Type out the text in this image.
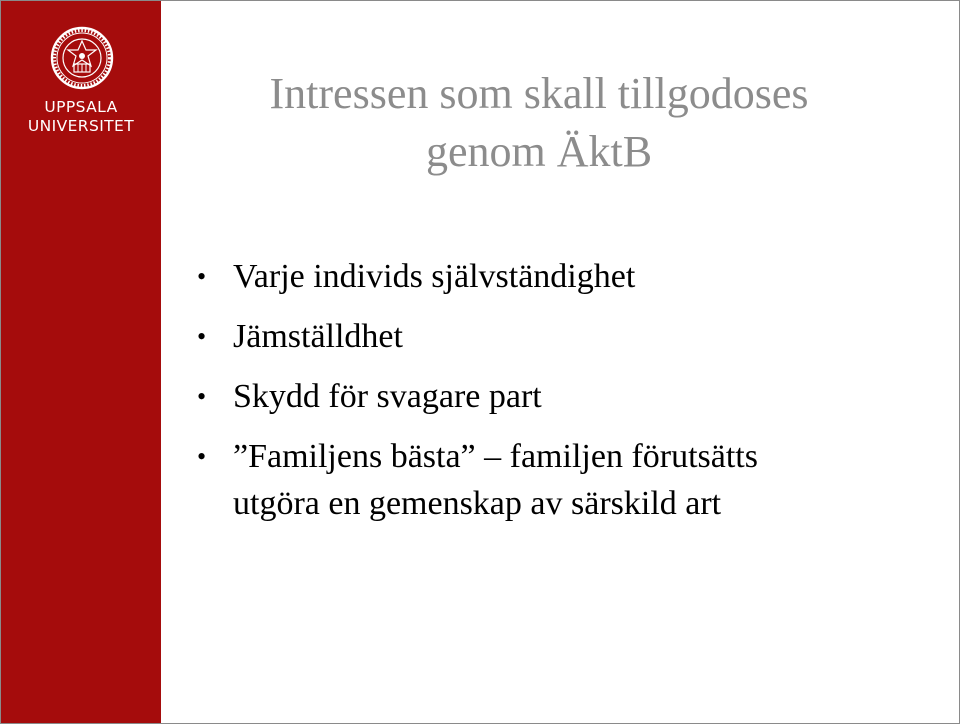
UPPSALA
UNIVERSITET
Intressen som skall tillgodoses
genom ÄktB
• Varje individs självständighet
• Jämställdhet
• Skydd för svagare part
• ”Familjens bästa” – familjen förutsätts
utgöra en gemenskap av särskild art
